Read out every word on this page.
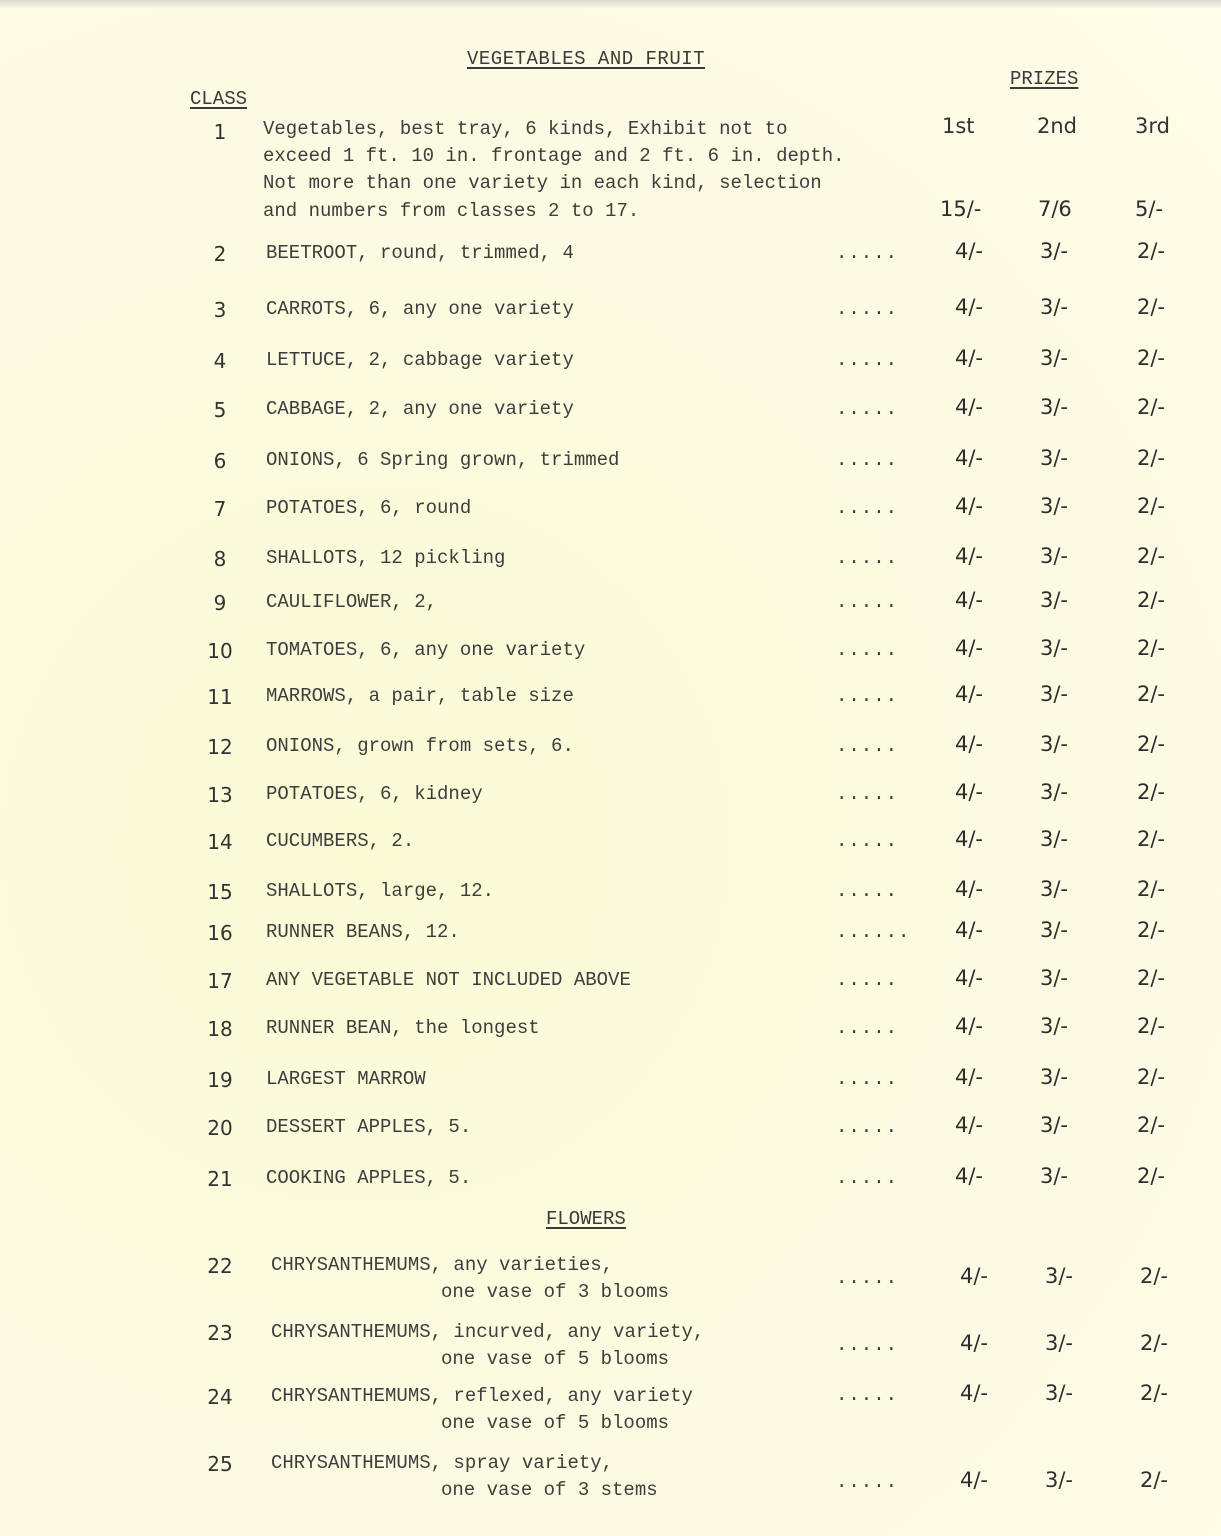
VEGETABLES AND FRUIT
PRIZES
CLASS
1st	2nd	3rd
1	Vegetables, best tray, 6 kinds, Exhibit not to
exceed 1 ft. 10 in. frontage and 2 ft. 6 in. depth.
Not more than one variety in each kind, selection
and numbers from classes 2 to 17.	15/-	7/6	5/-
2	BEETROOT, round, trimmed, 4	.....	4/-	3/-	2/-
3	CARROTS, 6, any one variety	.....	4/-	3/-	2/-
4	LETTUCE, 2, cabbage variety	.....	4/-	3/-	2/-
5	CABBAGE, 2, any one variety	.....	4/-	3/-	2/-
6	ONIONS, 6 Spring grown, trimmed	.....	4/-	3/-	2/-
7	POTATOES, 6, round	.....	4/-	3/-	2/-
8	SHALLOTS, 12 pickling	.....	4/-	3/-	2/-
9	CAULIFLOWER, 2,	.....	4/-	3/-	2/-
10	TOMATOES, 6, any one variety	.....	4/-	3/-	2/-
11	MARROWS, a pair, table size	.....	4/-	3/-	2/-
12	ONIONS, grown from sets, 6.	.....	4/-	3/-	2/-
13	POTATOES, 6, kidney	.....	4/-	3/-	2/-
14	CUCUMBERS, 2.	.....	4/-	3/-	2/-
15	SHALLOTS, large, 12.	.....	4/-	3/-	2/-
16	RUNNER BEANS, 12.	...... 4/-	3/-	2/-
17	ANY VEGETABLE NOT INCLUDED ABOVE	.....	4/-	3/-	2/-
18	RUNNER BEAN, the longest	.....	4/-	3/-	2/-
19	LARGEST MARROW	.....	4/-	3/-	2/-
20	DESSERT APPLES, 5.	.....	4/-	3/-	2/-
21	COOKING APPLES, 5.	.....	4/-	3/-	2/-
FLOWERS
22	CHRYSANTHEMUMS, any varieties,
one vase of 3 blooms
.....	4/-	3/-	2/-
23	CHRYSANTHEMUMS, incurved, any variety,
one vase of 5 blooms
.....	4/-	3/-	2/-
24	CHRYSANTHEMUMS, reflexed, any variety
one vase of 5 blooms
.....	4/-	3/-	2/-
25	CHRYSANTHEMUMS, spray variety,
one vase of 3 stems	.....	4/-	3/-	2/-
